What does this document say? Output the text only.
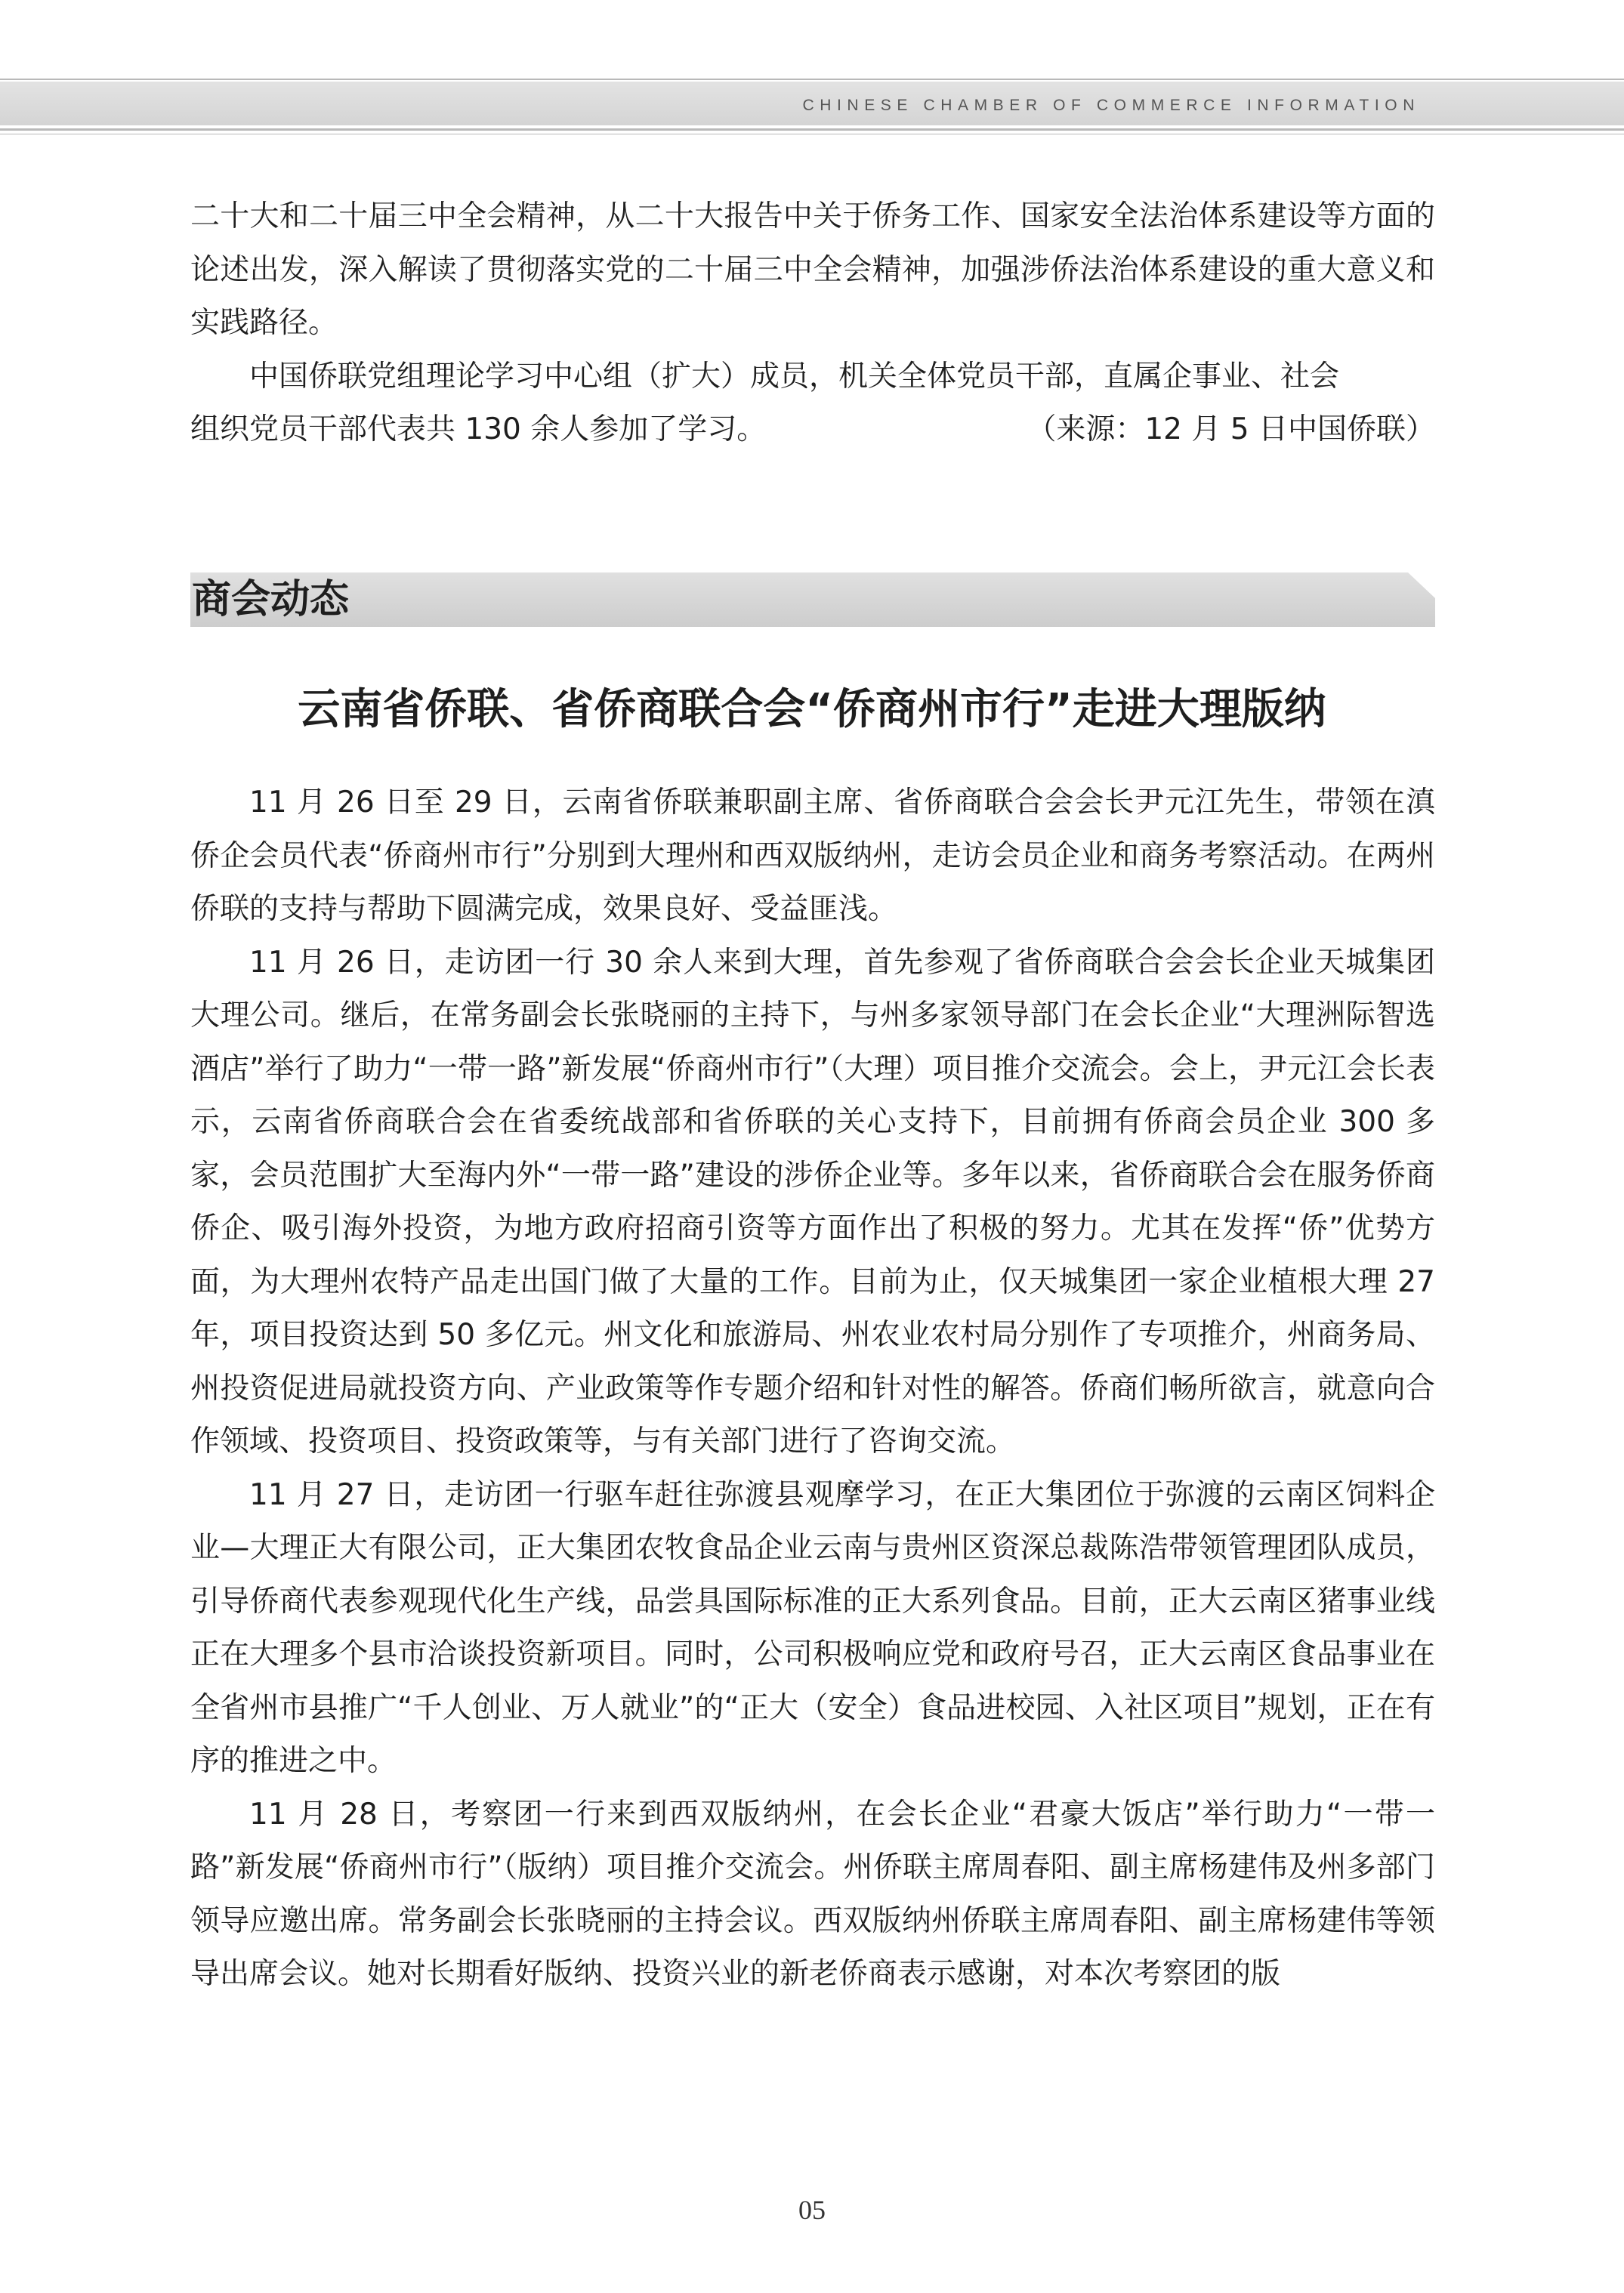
CHINESE CHAMBER OF COMMERCE INFORMATION

二十大和二十届三中全会精神，从二十大报告中关于侨务工作、国家安全法治体系建设等方面的论述出发，深入解读了贯彻落实党的二十届三中全会精神，加强涉侨法治体系建设的重大意义和实践路径。

中国侨联党组理论学习中心组（扩大）成员，机关全体党员干部，直属企事业、社会

组织党员干部代表共 130 余人参加了学习。	（来源：12 月 5 日中国侨联）
商会动态
云南省侨联、省侨商联合会“侨商州市行”走进大理版纳

11 月 26 日至 29 日，云南省侨联兼职副主席、省侨商联合会会长尹元江先生，带领在滇侨企会员代表“侨商州市行”分别到大理州和西双版纳州，走访会员企业和商务考察活动。在两州侨联的支持与帮助下圆满完成，效果良好、受益匪浅。

11 月 26 日，走访团一行 30 余人来到大理，首先参观了省侨商联合会会长企业天城集团大理公司。继后，在常务副会长张晓丽的主持下，与州多家领导部门在会长企业“大理洲际智选酒店”举行了助力“一带一路”新发展“侨商州市行”（大理）项目推介交流会。会上，尹元江会长表示，云南省侨商联合会在省委统战部和省侨联的关心支持下，目前拥有侨商会员企业 300 多家，会员范围扩大至海内外“一带一路”建设的涉侨企业等。多年以来，省侨商联合会在服务侨商侨企、吸引海外投资，为地方政府招商引资等方面作出了积极的努力。尤其在发挥“侨”优势方面，为大理州农特产品走出国门做了大量的工作。目前为止，仅天城集团一家企业植根大理 27 年，项目投资达到 50 多亿元。州文化和旅游局、州农业农村局分别作了专项推介，州商务局、州投资促进局就投资方向、产业政策等作专题介绍和针对性的解答。侨商们畅所欲言，就意向合作领域、投资项目、投资政策等，与有关部门进行了咨询交流。

11 月 27 日，走访团一行驱车赶往弥渡县观摩学习，在正大集团位于弥渡的云南区饲料企业—大理正大有限公司，正大集团农牧食品企业云南与贵州区资深总裁陈浩带领管理团队成员，引导侨商代表参观现代化生产线，品尝具国际标准的正大系列食品。目前，正大云南区猪事业线正在大理多个县市洽谈投资新项目。同时，公司积极响应党和政府号召，正大云南区食品事业在全省州市县推广“千人创业、万人就业”的“正大（安全）食品进校园、入社区项目”规划，正在有序的推进之中。

11 月 28 日，考察团一行来到西双版纳州，在会长企业“君豪大饭店”举行助力“一带一路”新发展“侨商州市行”（版纳）项目推介交流会。州侨联主席周春阳、副主席杨建伟及州多部门领导应邀出席。常务副会长张晓丽的主持会议。西双版纳州侨联主席周春阳、副主席杨建伟等领导出席会议。她对长期看好版纳、投资兴业的新老侨商表示感谢，对本次考察团的版

05
